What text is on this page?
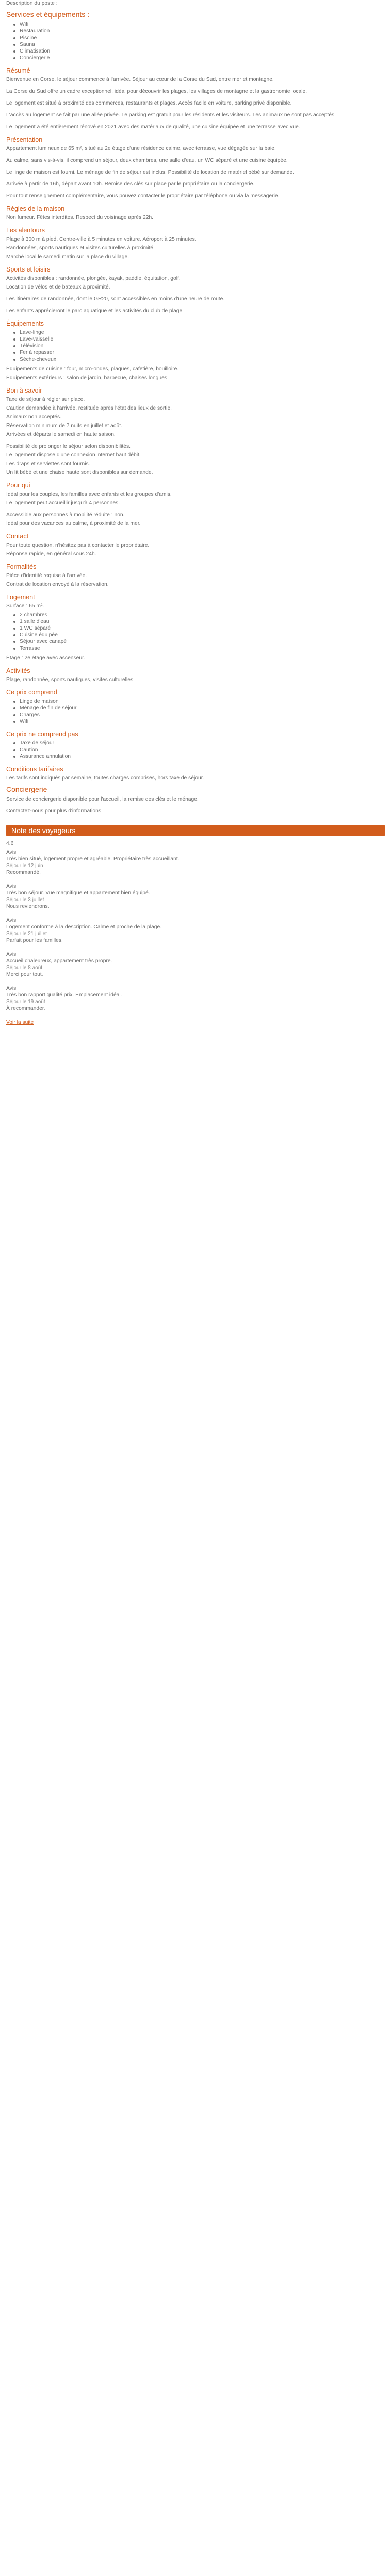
Description du poste :

Services et équipements :
Wifi
Restauration
Piscine
Sauna
Climatisation
Conciergerie
Résumé

Bienvenue en Corse, le séjour commence à l'arrivée. Séjour au cœur de la Corse du Sud, entre mer et montagne.

La Corse du Sud offre un cadre exceptionnel, idéal pour découvrir les plages, les villages de montagne et la gastronomie locale.

Le logement est situé à proximité des commerces, restaurants et plages. Accès facile en voiture, parking privé disponible.

L'accès au logement se fait par une allée privée. Le parking est gratuit pour les résidents et les visiteurs. Les animaux ne sont pas acceptés.

Le logement a été entièrement rénové en 2021 avec des matériaux de qualité, une cuisine équipée et une terrasse avec vue.

Présentation

Appartement lumineux de 65 m², situé au 2e étage d'une résidence calme, avec terrasse, vue dégagée sur la baie.

Au calme, sans vis-à-vis, il comprend un séjour, deux chambres, une salle d'eau, un WC séparé et une cuisine équipée.

Le linge de maison est fourni. Le ménage de fin de séjour est inclus. Possibilité de location de matériel bébé sur demande.

Arrivée à partir de 16h, départ avant 10h. Remise des clés sur place par le propriétaire ou la conciergerie.

Pour tout renseignement complémentaire, vous pouvez contacter le propriétaire par téléphone ou via la messagerie.

Règles de la maison

Non fumeur. Fêtes interdites. Respect du voisinage après 22h.

Les alentours

Plage à 300 m à pied. Centre-ville à 5 minutes en voiture. Aéroport à 25 minutes.

Randonnées, sports nautiques et visites culturelles à proximité.

Marché local le samedi matin sur la place du village.

Sports et loisirs

Activités disponibles : randonnée, plongée, kayak, paddle, équitation, golf.

Location de vélos et de bateaux à proximité.

Les itinéraires de randonnée, dont le GR20, sont accessibles en moins d'une heure de route.

Les enfants apprécieront le parc aquatique et les activités du club de plage.

Équipements
Lave-linge
Lave-vaisselle
Télévision
Fer à repasser
Sèche-cheveux

Équipements de cuisine : four, micro-ondes, plaques, cafetière, bouilloire.

Équipements extérieurs : salon de jardin, barbecue, chaises longues.

Bon à savoir

Taxe de séjour à régler sur place.

Caution demandée à l'arrivée, restituée après l'état des lieux de sortie.

Animaux non acceptés.

Réservation minimum de 7 nuits en juillet et août.

Arrivées et départs le samedi en haute saison.

Possibilité de prolonger le séjour selon disponibilités.

Le logement dispose d'une connexion internet haut débit.

Les draps et serviettes sont fournis.

Un lit bébé et une chaise haute sont disponibles sur demande.

Pour qui

Idéal pour les couples, les familles avec enfants et les groupes d'amis.

Le logement peut accueillir jusqu'à 4 personnes.

Accessible aux personnes à mobilité réduite : non.

Idéal pour des vacances au calme, à proximité de la mer.

Contact

Pour toute question, n'hésitez pas à contacter le propriétaire.

Réponse rapide, en général sous 24h.

Formalités

Pièce d'identité requise à l'arrivée.

Contrat de location envoyé à la réservation.

Logement

Surface : 65 m².

2 chambres
1 salle d'eau
1 WC séparé
Cuisine équipée
Séjour avec canapé
Terrasse

Étage : 2e étage avec ascenseur.

Activités

Plage, randonnée, sports nautiques, visites culturelles.

Ce prix comprend
Linge de maison
Ménage de fin de séjour
Charges
Wifi
Ce prix ne comprend pas
Taxe de séjour
Caution
Assurance annulation
Conditions tarifaires

Les tarifs sont indiqués par semaine, toutes charges comprises, hors taxe de séjour.

Conciergerie

Service de conciergerie disponible pour l'accueil, la remise des clés et le ménage.

Contactez-nous pour plus d'informations.

Note des voyageurs

4.6

Avis
Très bien situé, logement propre et agréable. Propriétaire très accueillant.
Séjour le 12 juin
Recommandé.
Avis
Très bon séjour. Vue magnifique et appartement bien équipé.
Séjour le 3 juillet
Nous reviendrons.
Avis
Logement conforme à la description. Calme et proche de la plage.
Séjour le 21 juillet
Parfait pour les familles.
Avis
Accueil chaleureux, appartement très propre.
Séjour le 8 août
Merci pour tout.
Avis
Très bon rapport qualité prix. Emplacement idéal.
Séjour le 19 août
À recommander.
Voir la suite
